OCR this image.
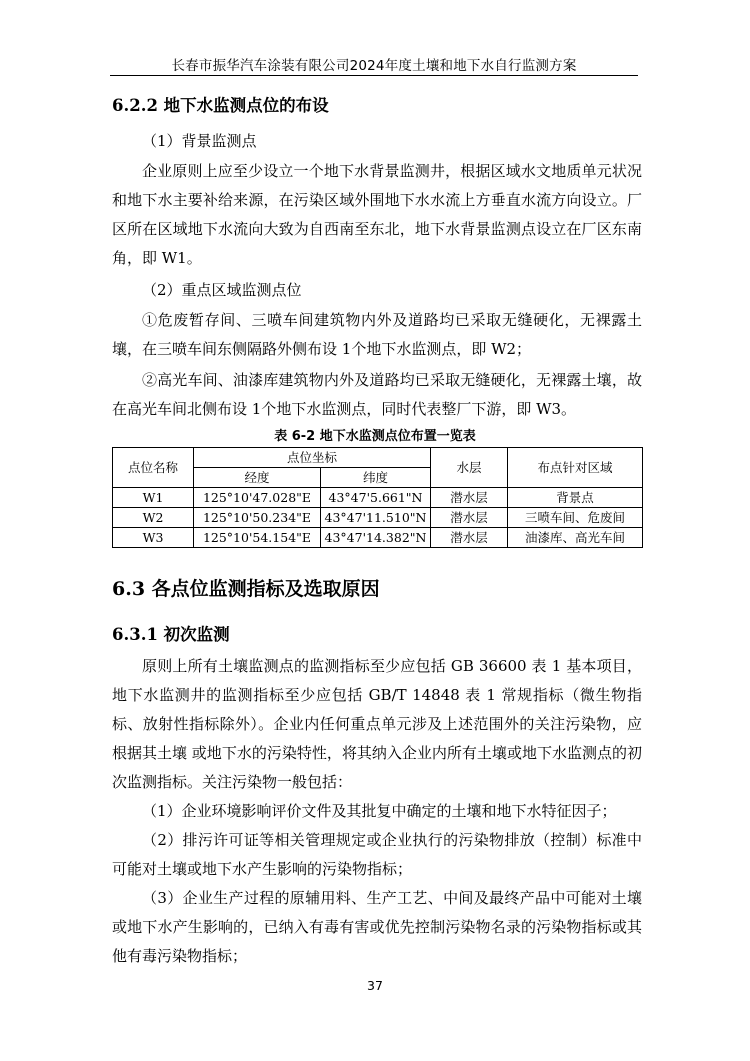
长春市振华汽车涂装有限公司2024年度土壤和地下水自行监测方案
6.2.2 地下水监测点位的布设

（1）背景监测点

企业原则上应至少设立一个地下水背景监测井，根据区域水文地质单元状况和地下水主要补给来源，在污染区域外围地下水水流上方垂直水流方向设立。厂区所在区域地下水流向大致为自西南至东北，地下水背景监测点设立在厂区东南角，即 W1。

（2）重点区域监测点位

①危废暂存间、三喷车间建筑物内外及道路均已采取无缝硬化，无裸露土壤，在三喷车间东侧隔路外侧布设 1个地下水监测点，即 W2；

②高光车间、油漆库建筑物内外及道路均已采取无缝硬化，无裸露土壤，故在高光车间北侧布设 1个地下水监测点，同时代表整厂下游，即 W3。

表 6-2 地下水监测点位布置一览表
点位名称	点位坐标		水层	布点针对区域
	经度	纬度		
W1	125°10'47.028"E	43°47'5.661"N	潜水层	背景点
W2	125°10'50.234"E	43°47'11.510"N	潜水层	三喷车间、危废间
W3	125°10'54.154"E	43°47'14.382"N	潜水层	油漆库、高光车间
6.3 各点位监测指标及选取原因
6.3.1 初次监测

原则上所有土壤监测点的监测指标至少应包括 GB 36600 表 1 基本项目，地下水监测井的监测指标至少应包括 GB/T 14848 表 1 常规指标（微生物指标、放射性指标除外）。企业内任何重点单元涉及上述范围外的关注污染物，应根据其土壤 或地下水的污染特性，将其纳入企业内所有土壤或地下水监测点的初次监测指标。关注污染物一般包括：

（1）企业环境影响评价文件及其批复中确定的土壤和地下水特征因子；

（2）排污许可证等相关管理规定或企业执行的污染物排放（控制）标准中可能对土壤或地下水产生影响的污染物指标；

（3）企业生产过程的原辅用料、生产工艺、中间及最终产品中可能对土壤或地下水产生影响的，已纳入有毒有害或优先控制污染物名录的污染物指标或其他有毒污染物指标；

37
